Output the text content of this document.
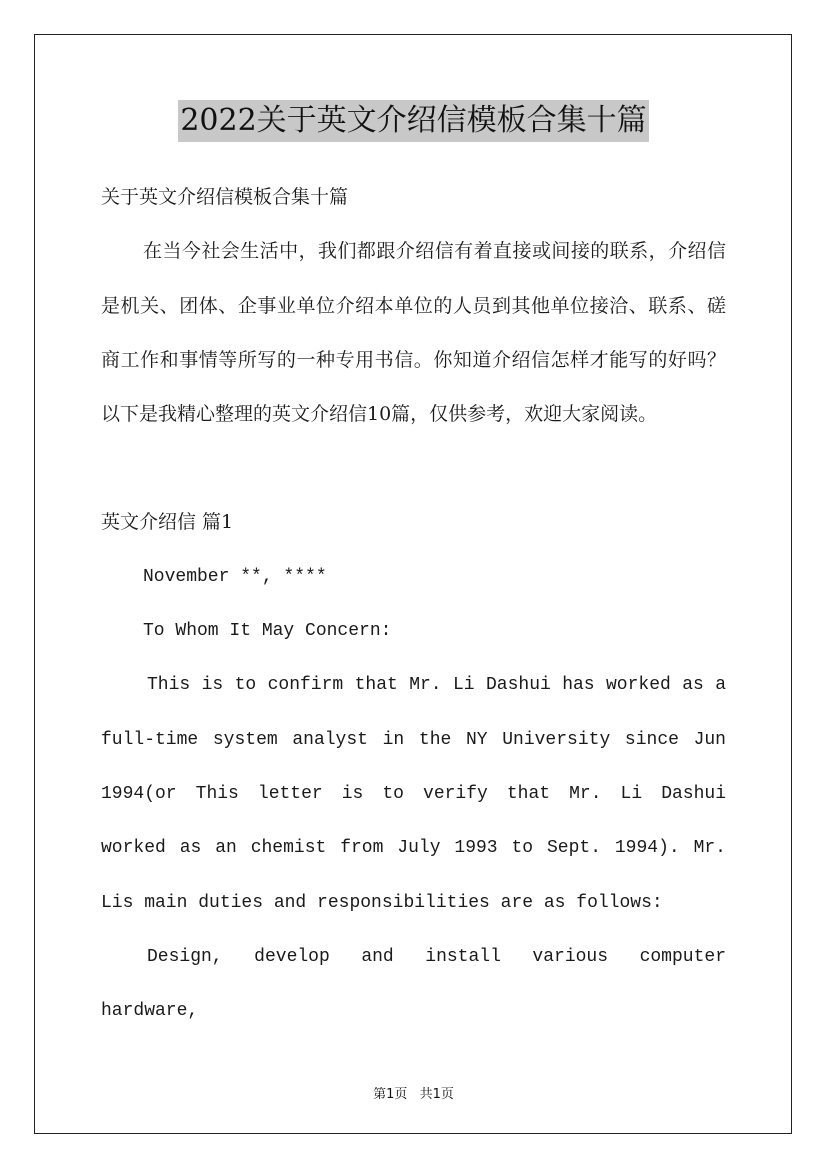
2022关于英文介绍信模板合集十篇

关于英文介绍信模板合集十篇

在当今社会生活中，我们都跟介绍信有着直接或间接的联系，介绍信是机关、团体、企事业单位介绍本单位的人员到其他单位接洽、联系、磋商工作和事情等所写的一种专用书信。你知道介绍信怎样才能写的好吗？以下是我精心整理的英文介绍信10篇，仅供参考，欢迎大家阅读。

英文介绍信 篇1

November **, ****

To Whom It May Concern:

This is to confirm that Mr. Li Dashui has worked as a full-time system analyst in the NY University since Jun 1994(or This letter is to verify that Mr. Li Dashui worked as an chemist from July 1993 to Sept. 1994). Mr. Lis main duties and responsibilities are as follows:

Design, develop and install various computer hardware,

第1页 共1页
